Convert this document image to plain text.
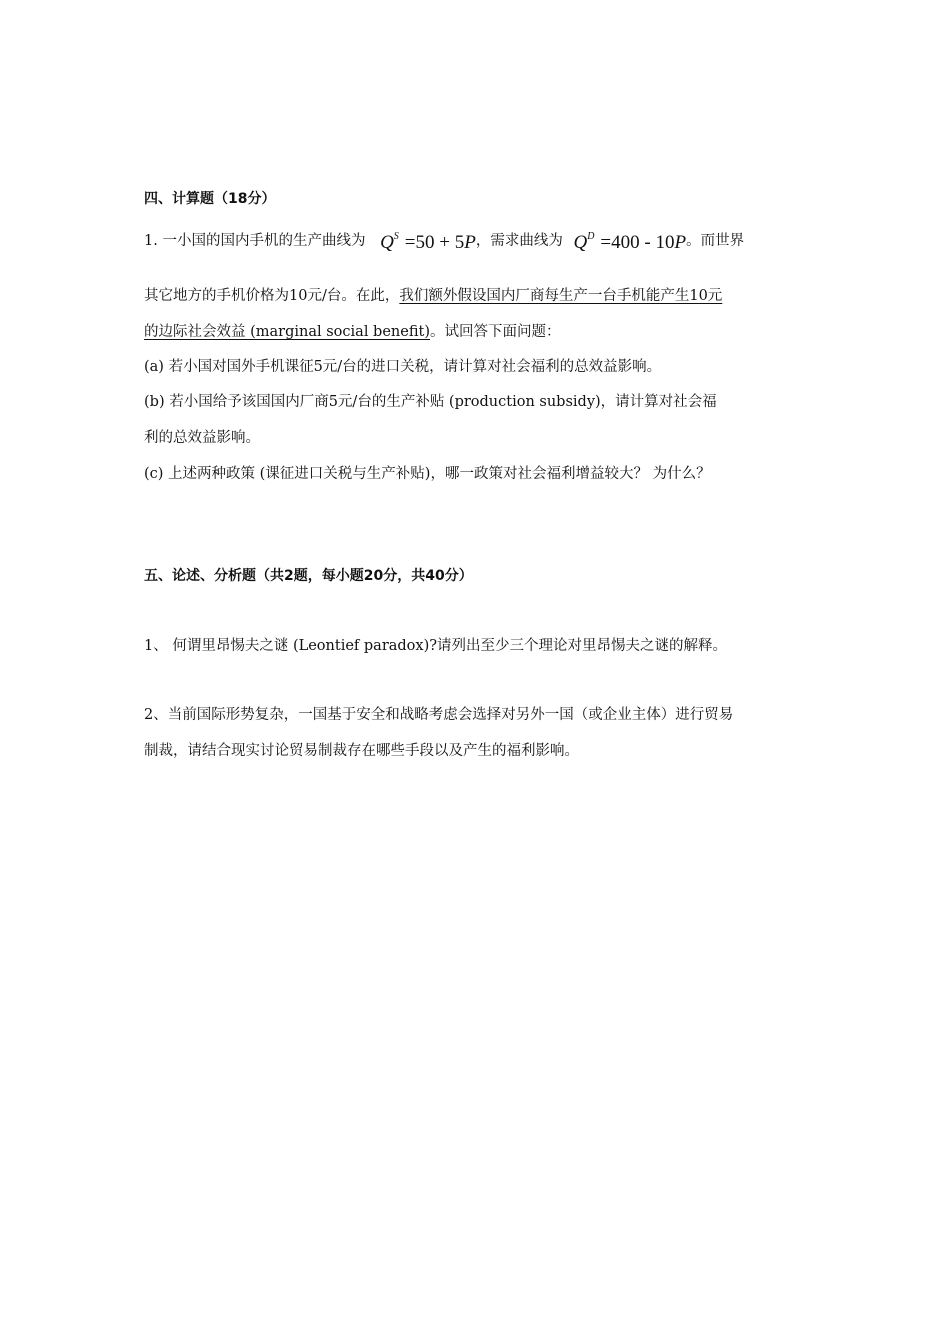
四、计算题（18分）
1. 一小国的国内手机的生产曲线为 $Q^S =50 + 5P$，需求曲线为 $Q^D =400 - 10P$。而世界
其它地方的手机价格为10元/台。在此，我们额外假设国内厂商每生产一台手机能产生10元
的边际社会效益 (marginal social benefit)。试回答下面问题：
(a) 若小国对国外手机课征5元/台的进口关税，请计算对社会福利的总效益影响。
(b) 若小国给予该国国内厂商5元/台的生产补贴 (production subsidy)，请计算对社会福
利的总效益影响。
(c) 上述两种政策 (课征进口关税与生产补贴)，哪一政策对社会福利增益较大？ 为什么？
五、论述、分析题（共2题，每小题20分，共40分）
1、 何谓里昂惕夫之谜 (Leontief paradox)?请列出至少三个理论对里昂惕夫之谜的解释。
2、当前国际形势复杂，一国基于安全和战略考虑会选择对另外一国（或企业主体）进行贸易
制裁，请结合现实讨论贸易制裁存在哪些手段以及产生的福利影响。
